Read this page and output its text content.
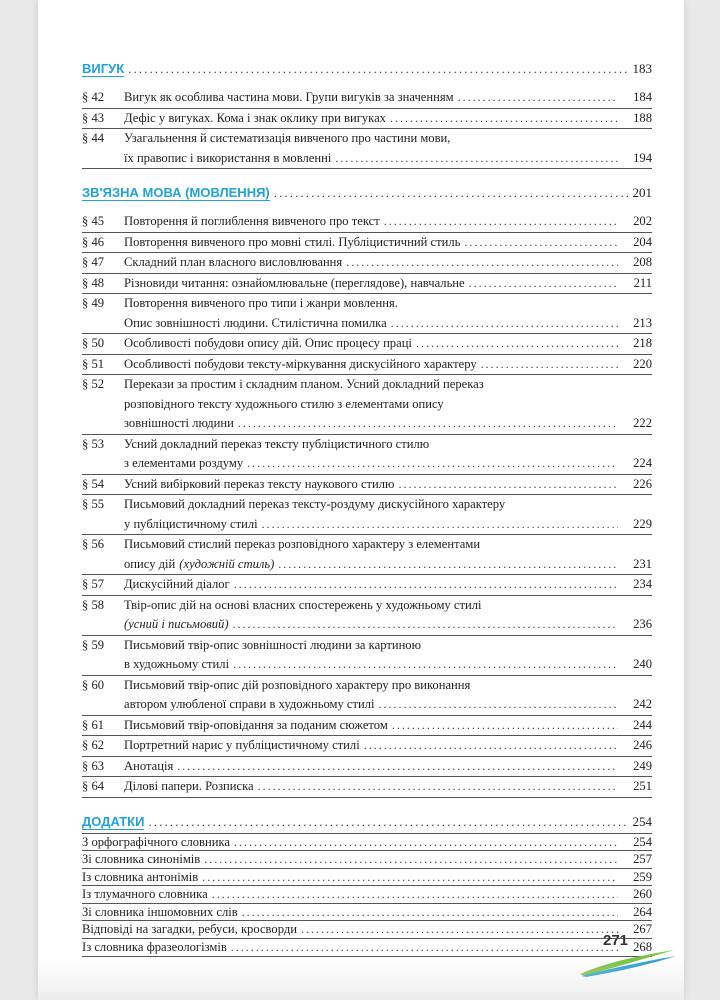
ВИГУК .....	183
§ 42	Вигук як особлива частина мови. Групи вигуків за значенням .....	184
§ 43	Дефіс у вигуках. Кома і знак оклику при вигуках .....	188
§ 44	Узагальнення й систематизація вивченого про частини мови,
їх правопис і використання в мовленні .....	194
ЗВ'ЯЗНА МОВА (МОВЛЕННЯ) .....	201
§ 45	Повторення й поглиблення вивченого про текст .....	202
§ 46	Повторення вивченого про мовні стилі. Публіцистичний стиль .....	204
§ 47	Складний план власного висловлювання .....	208
§ 48	Різновиди читання: ознайомлювальне (переглядове), навчальне .....	211
§ 49	Повторення вивченого про типи і жанри мовлення.
Опис зовнішності людини. Стилістична помилка .....	213
§ 50	Особливості побудови опису дій. Опис процесу праці .....	218
§ 51	Особливості побудови тексту-міркування дискусійного характеру .....	220
§ 52	Перекази за простим і складним планом. Усний докладний переказ
розповідного тексту художнього стилю з елементами опису
зовнішності людини .....	222
§ 53	Усний докладний переказ тексту публіцистичного стилю
з елементами роздуму .....	224
§ 54	Усний вибірковий переказ тексту наукового стилю .....	226
§ 55	Письмовий докладний переказ тексту-роздуму дискусійного характеру
у публіцистичному стилі .....	229
§ 56	Письмовий стислий переказ розповідного характеру з елементами
опису дій (художній стиль) .....	231
§ 57	Дискусійний діалог .....	234
§ 58	Твір-опис дій на основі власних спостережень у художньому стилі
(усний і письмовий) .....	236
§ 59	Письмовий твір-опис зовнішності людини за картиною
в художньому стилі .....	240
§ 60	Письмовий твір-опис дій розповідного характеру про виконання
автором улюбленої справи в художньому стилі .....	242
§ 61	Письмовий твір-оповідання за поданим сюжетом .....	244
§ 62	Портретний нарис у публіцистичному стилі .....	246
§ 63	Анотація .....	249
§ 64	Ділові папери. Розписка .....	251
ДОДАТКИ .....	254
З орфографічного словника .....	254
Зі словника синонімів .....	257
Із словника антонімів .....	259
Із тлумачного словника .....	260
Зі словника іншомовних слів .....	264
Відповіді на загадки, ребуси, кросворди .....	267
Із словника фразеологізмів .....	268
271
